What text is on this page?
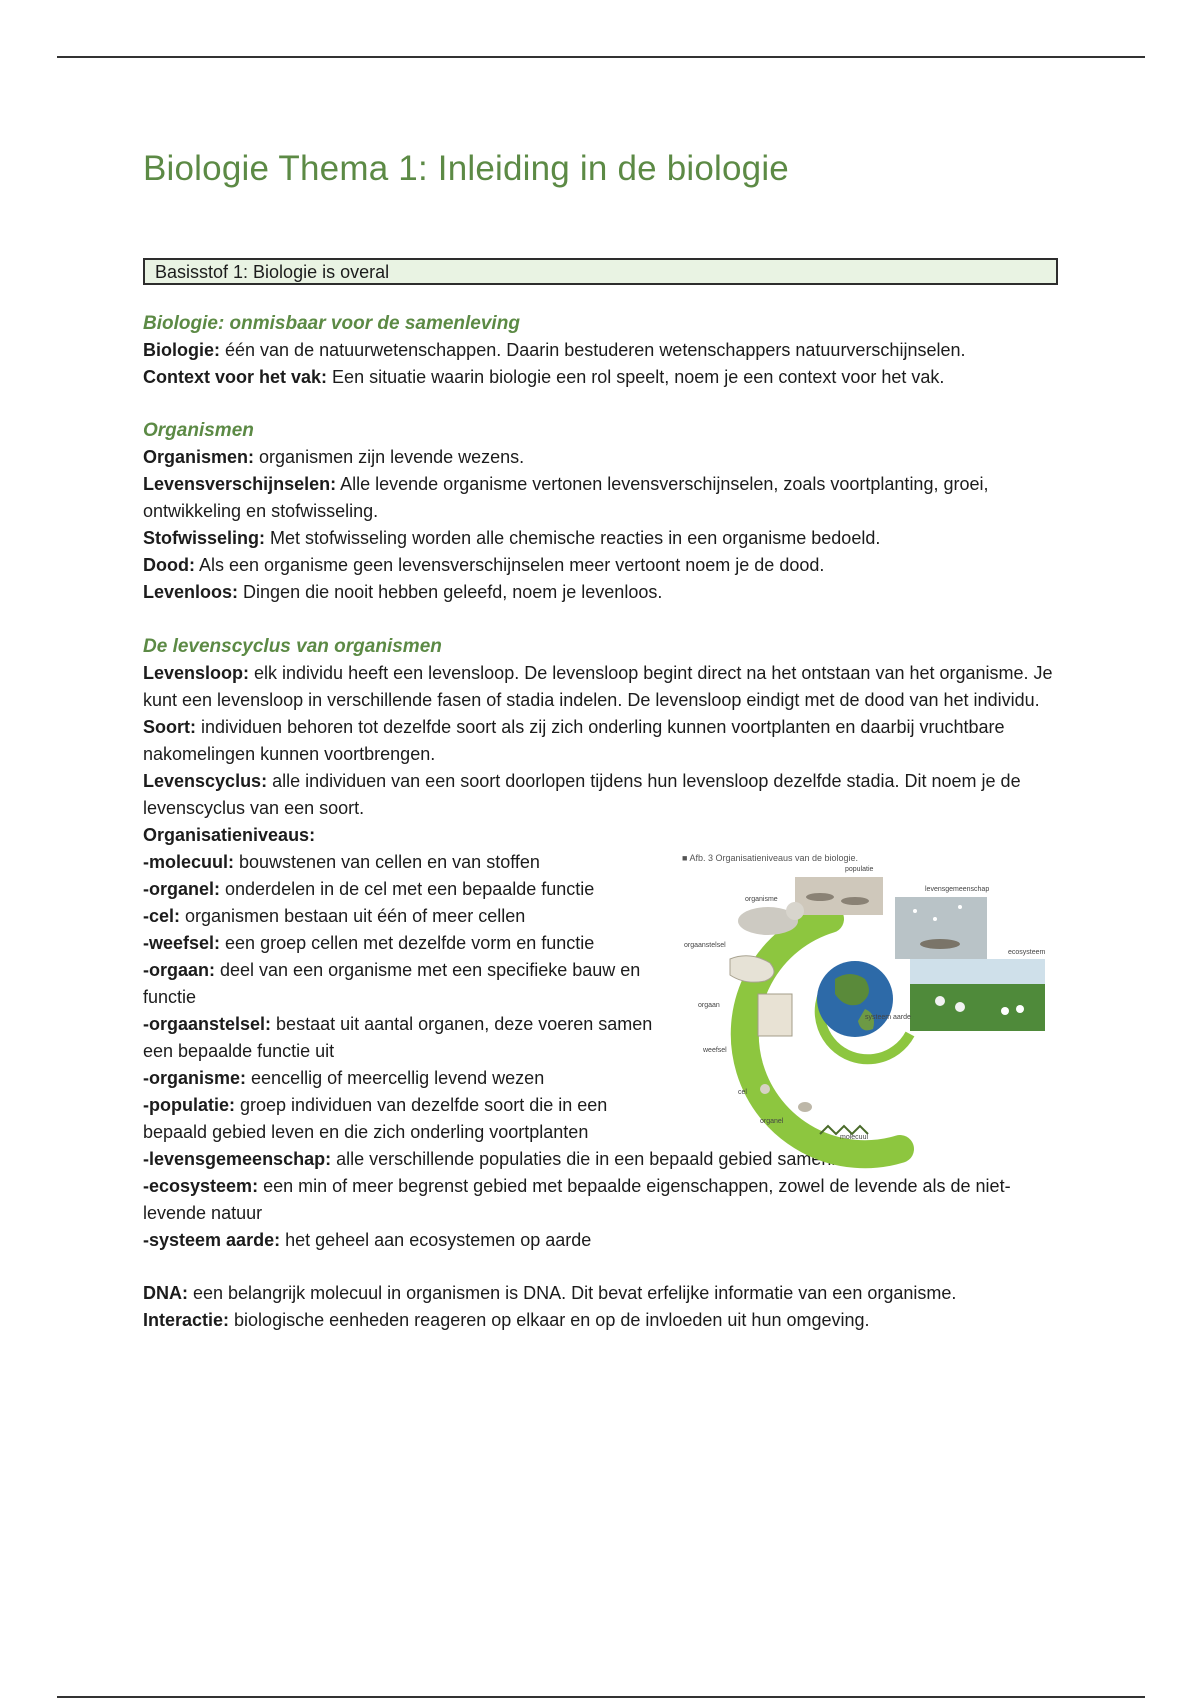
Biologie Thema 1: Inleiding in de biologie
Basisstof 1: Biologie is overal
Biologie: onmisbaar voor de samenleving

Biologie: één van de natuurwetenschappen. Daarin bestuderen wetenschappers natuurverschijnselen.

Context voor het vak: Een situatie waarin biologie een rol speelt, noem je een context voor het vak.

Organismen

Organismen: organismen zijn levende wezens.

Levensverschijnselen: Alle levende organisme vertonen levensverschijnselen, zoals voortplanting, groei, ontwikkeling en stofwisseling.

Stofwisseling: Met stofwisseling worden alle chemische reacties in een organisme bedoeld.

Dood: Als een organisme geen levensverschijnselen meer vertoont noem je de dood.

Levenloos: Dingen die nooit hebben geleefd, noem je levenloos.

De levenscyclus van organismen

Levensloop: elk individu heeft een levensloop. De levensloop begint direct na het ontstaan van het organisme. Je kunt een levensloop in verschillende fasen of stadia indelen. De levensloop eindigt met de dood van het individu.

Soort: individuen behoren tot dezelfde soort als zij zich onderling kunnen voortplanten en daarbij vruchtbare nakomelingen kunnen voortbrengen.

Levenscyclus: alle individuen van een soort doorlopen tijdens hun levensloop dezelfde stadia. Dit noem je de levenscyclus van een soort.

Organisatieniveaus:

-molecuul: bouwstenen van cellen en van stoffen

-organel: onderdelen in de cel met een bepaalde functie

-cel: organismen bestaan uit één of meer cellen

-weefsel: een groep cellen met dezelfde vorm en functie

-orgaan: deel van een organisme met een specifieke bauw en functie

-orgaanstelsel: bestaat uit aantal organen, deze voeren samen een bepaalde functie uit

-organisme: eencellig of meercellig levend wezen

-populatie: groep individuen van dezelfde soort die in een bepaald gebied leven en die zich onderling voortplanten

■ Afb. 3 Organisatieniveaus van de biologie.
populatie
levensgemeenschap
organisme
orgaanstelsel
ecosysteem
orgaan
systeem aarde
weefsel
cel
organel
molecuul

-levensgemeenschap: alle verschillende populaties die in een bepaald gebied samenleven

-ecosysteem: een min of meer begrenst gebied met bepaalde eigenschappen, zowel de levende als de niet-levende natuur

-systeem aarde: het geheel aan ecosystemen op aarde

DNA: een belangrijk molecuul in organismen is DNA. Dit bevat erfelijke informatie van een organisme.

Interactie: biologische eenheden reageren op elkaar en op de invloeden uit hun omgeving.
